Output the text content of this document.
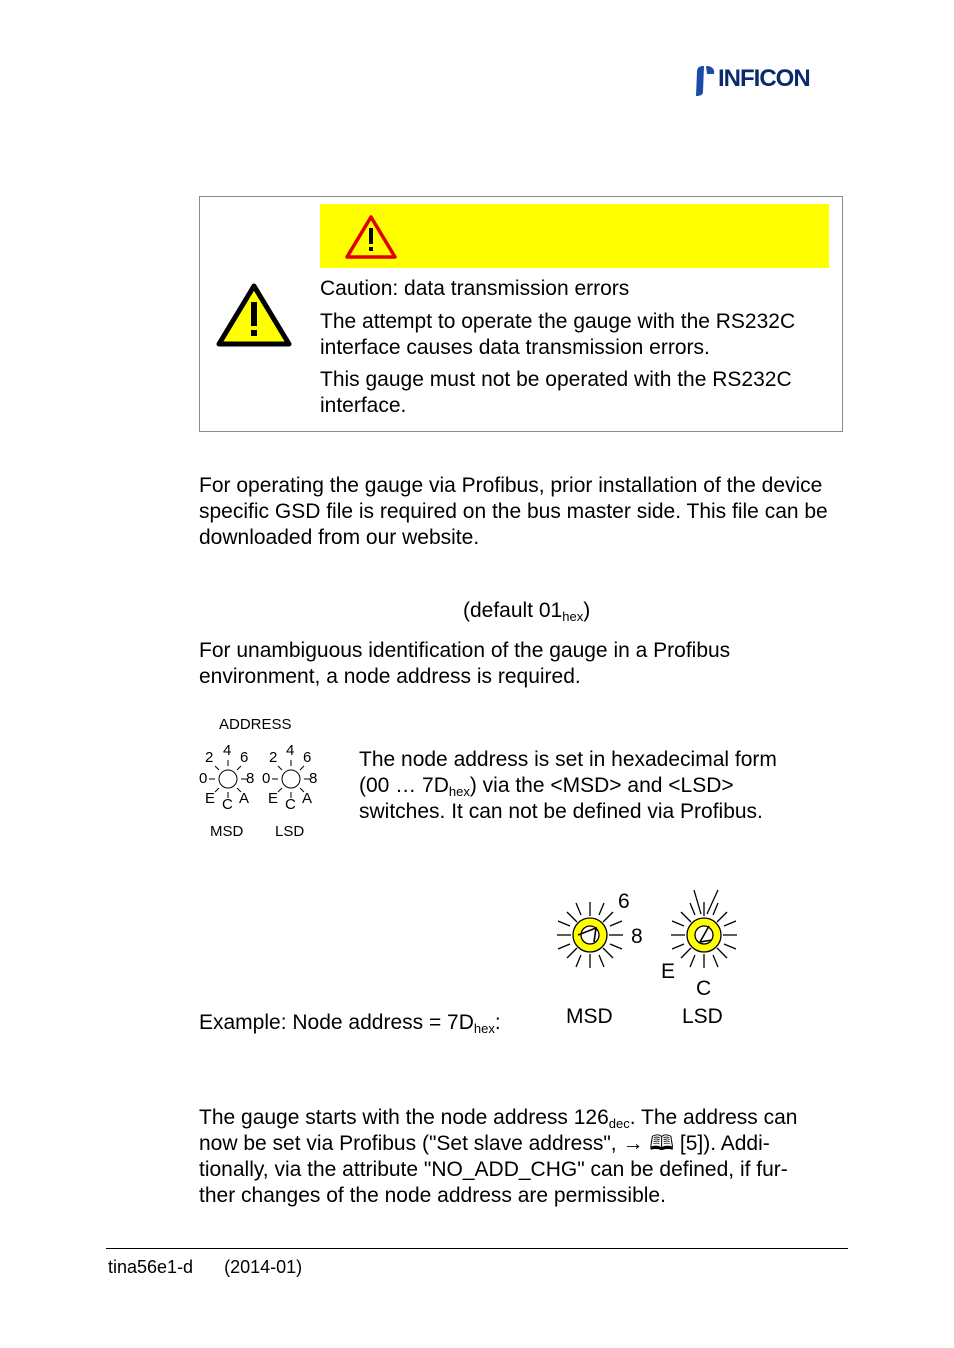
INFICON
Caution: data transmission errors
The attempt to operate the gauge with the RS232C interface causes data transmission errors.
This gauge must not be operated with the RS232C interface.
For operating the gauge via Profibus, prior installation of the device specific GSD file is required on the bus master side. This file can be downloaded from our website.
(default $01_{hex}$)
For unambiguous identification of the gauge in a Profibus environment, a node address is required.
ADDRESS
4
2 6
0	8
E C A
4
2 6
0	8
E C A
MSD LSD
The node address is set in hexadecimal form
(00 … $7D_{hex}$) via the <MSD> and <LSD>
switches. It can not be defined via Profibus.
6
8
E
C
MSD	LSD
Example: Node address = $7D_{hex}$:
The gauge starts with the node address $126_{dec}$. The address can
now be set via Profibus ("Set slave address", → 🕮 [5]). Addi-
tionally, via the attribute "NO_ADD_CHG" can be defined, if fur-
ther changes of the node address are permissible.
tina56e1-d (2014-01)
